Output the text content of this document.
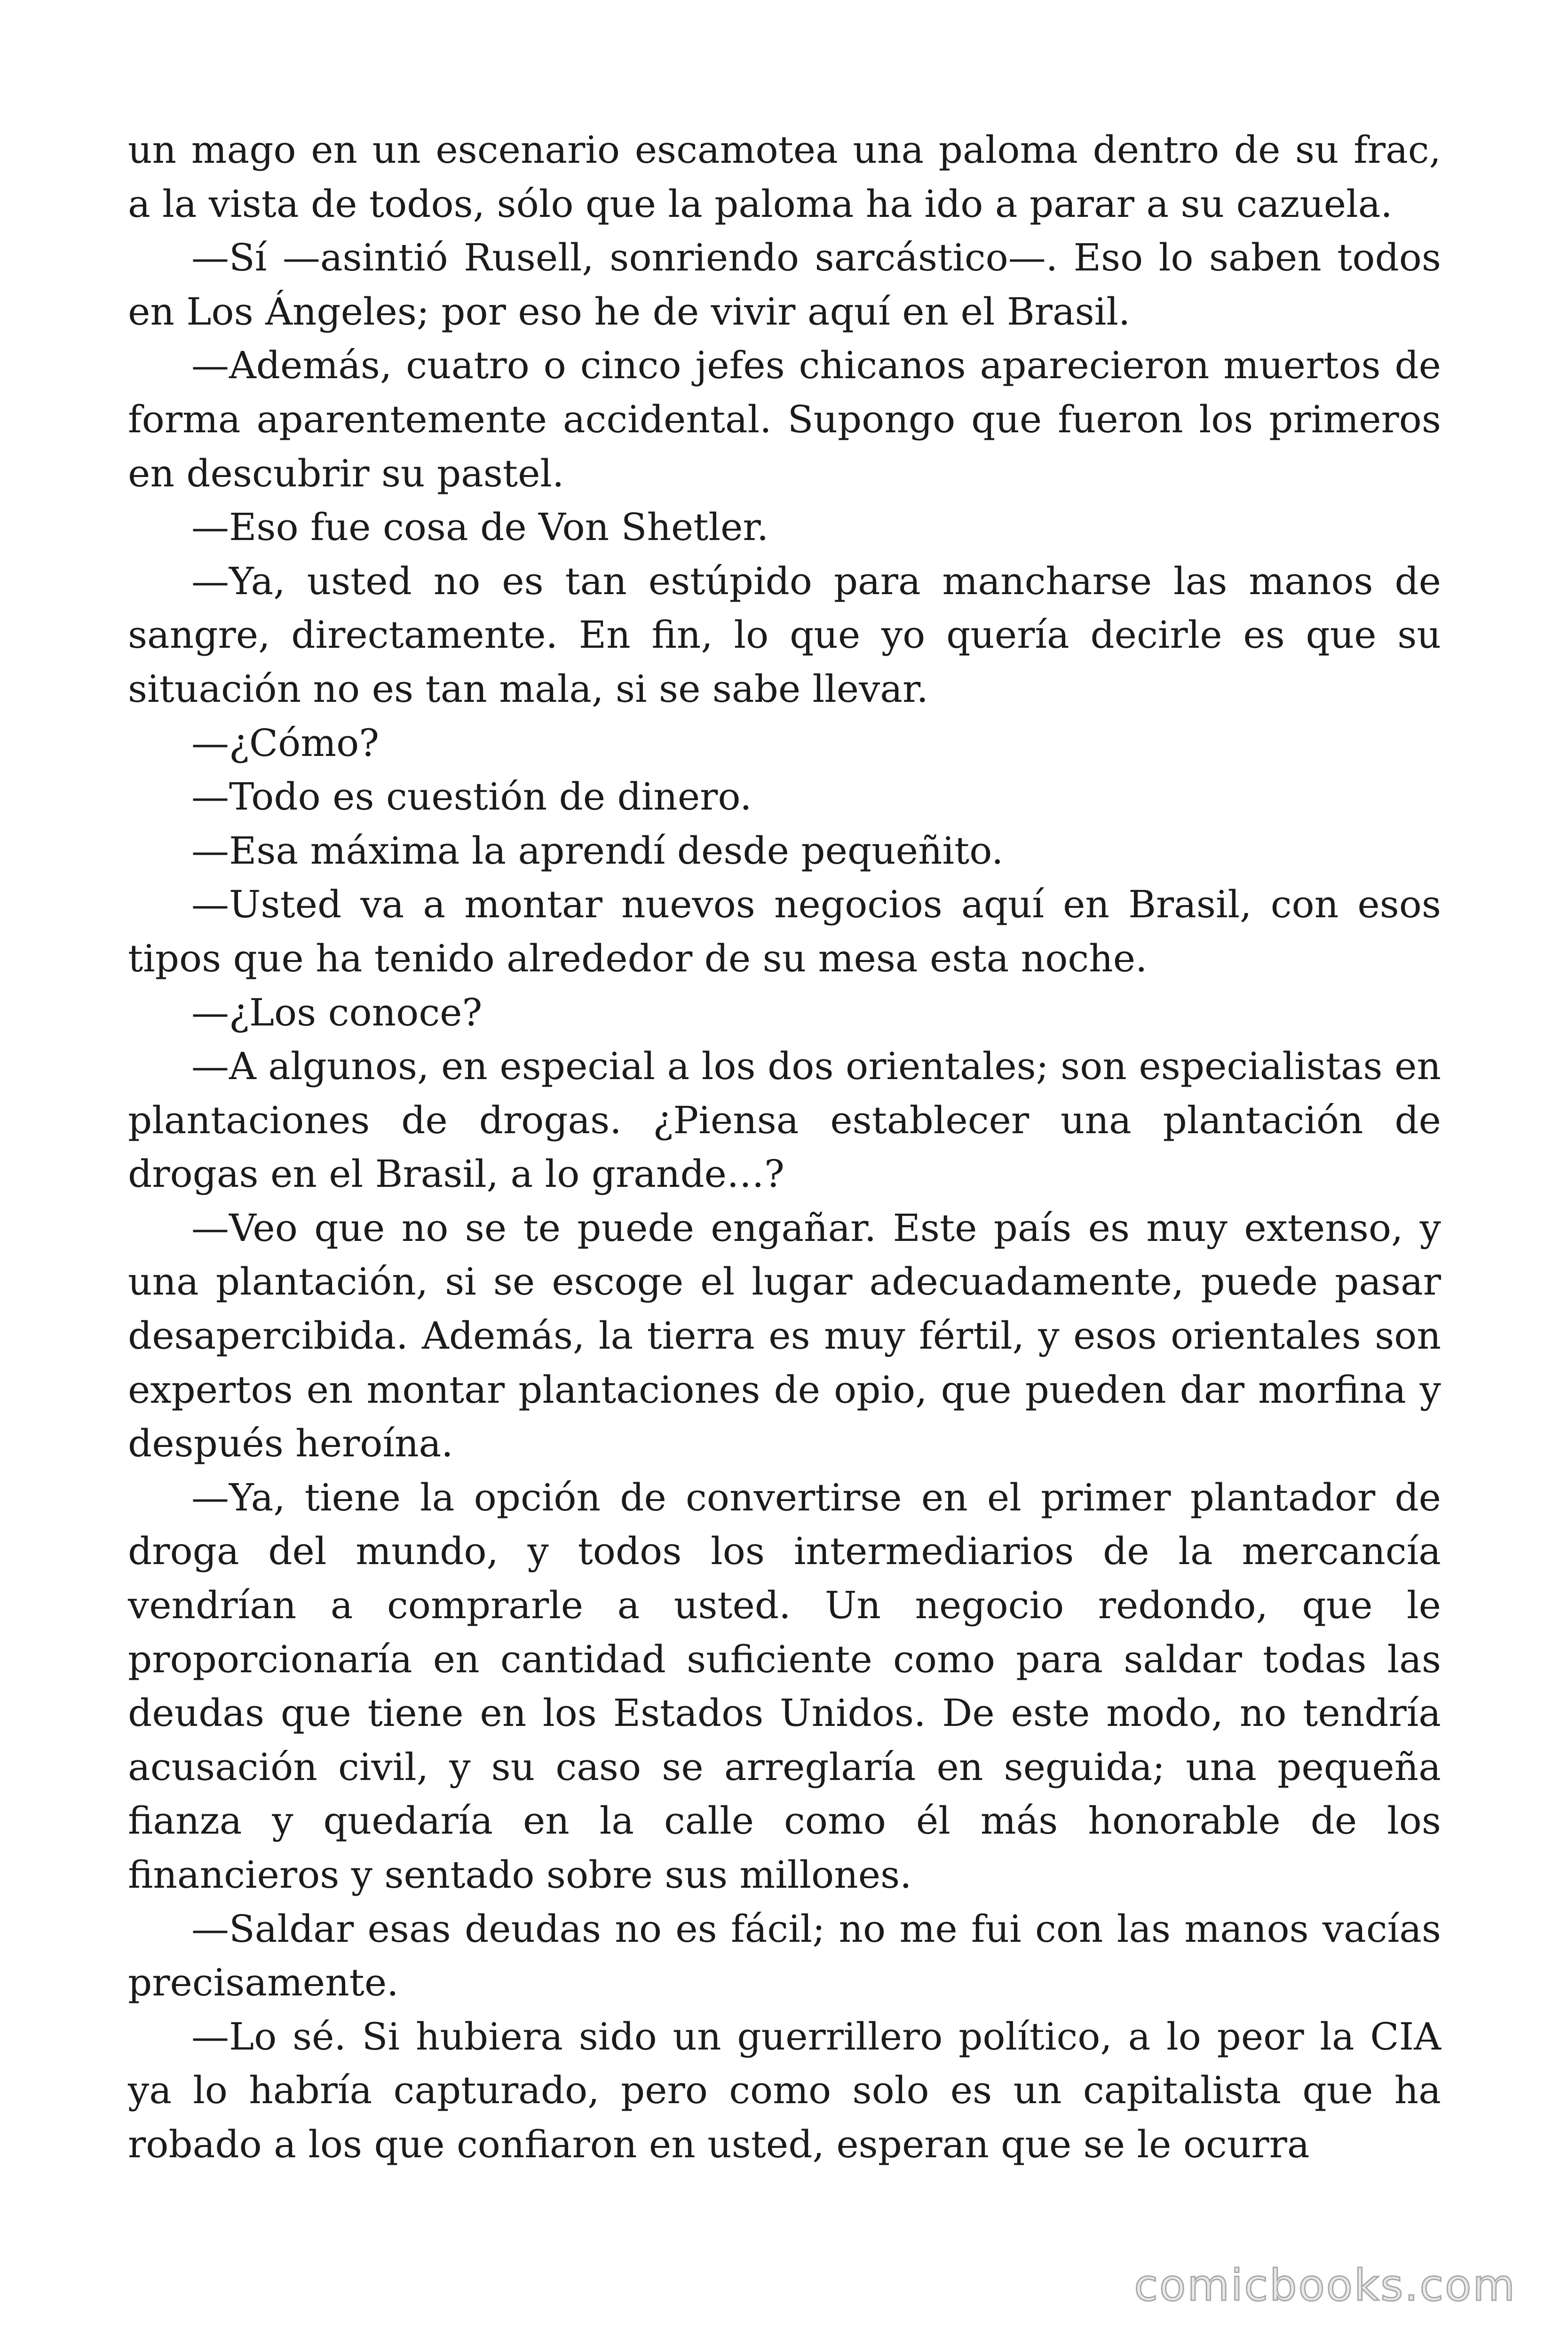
un mago en un escenario escamotea una paloma dentro de su frac, a la vista de todos, sólo que la paloma ha ido a parar a su cazuela.

—Sí —asintió Rusell, sonriendo sarcástico—. Eso lo saben todos en Los Ángeles; por eso he de vivir aquí en el Brasil.

—Además, cuatro o cinco jefes chicanos aparecieron muertos de forma aparentemente accidental. Supongo que fueron los primeros en descubrir su pastel.

—Eso fue cosa de Von Shetler.

—Ya, usted no es tan estúpido para mancharse las manos de sangre, directamente. En fin, lo que yo quería decirle es que su situación no es tan mala, si se sabe llevar.

—¿Cómo?

—Todo es cuestión de dinero.

—Esa máxima la aprendí desde pequeñito.

—Usted va a montar nuevos negocios aquí en Brasil, con esos tipos que ha tenido alrededor de su mesa esta noche.

—¿Los conoce?

—A algunos, en especial a los dos orientales; son especialistas en plantaciones de drogas. ¿Piensa establecer una plantación de drogas en el Brasil, a lo grande…?

—Veo que no se te puede engañar. Este país es muy extenso, y una plantación, si se escoge el lugar adecuadamente, puede pasar desapercibida. Además, la tierra es muy fértil, y esos orientales son expertos en montar plantaciones de opio, que pueden dar morfina y después heroína.

—Ya, tiene la opción de convertirse en el primer plantador de droga del mundo, y todos los intermediarios de la mercancía vendrían a comprarle a usted. Un negocio redondo, que le proporcionaría en cantidad suficiente como para saldar todas las deudas que tiene en los Estados Unidos. De este modo, no tendría acusación civil, y su caso se arreglaría en seguida; una pequeña fianza y quedaría en la calle como él más honorable de los financieros y sentado sobre sus millones.

—Saldar esas deudas no es fácil; no me fui con las manos vacías precisamente.

—Lo sé. Si hubiera sido un guerrillero político, a lo peor la CIA ya lo habría capturado, pero como solo es un capitalista que ha robado a los que confiaron en usted, esperan que se le ocurra

comicbooks.com
